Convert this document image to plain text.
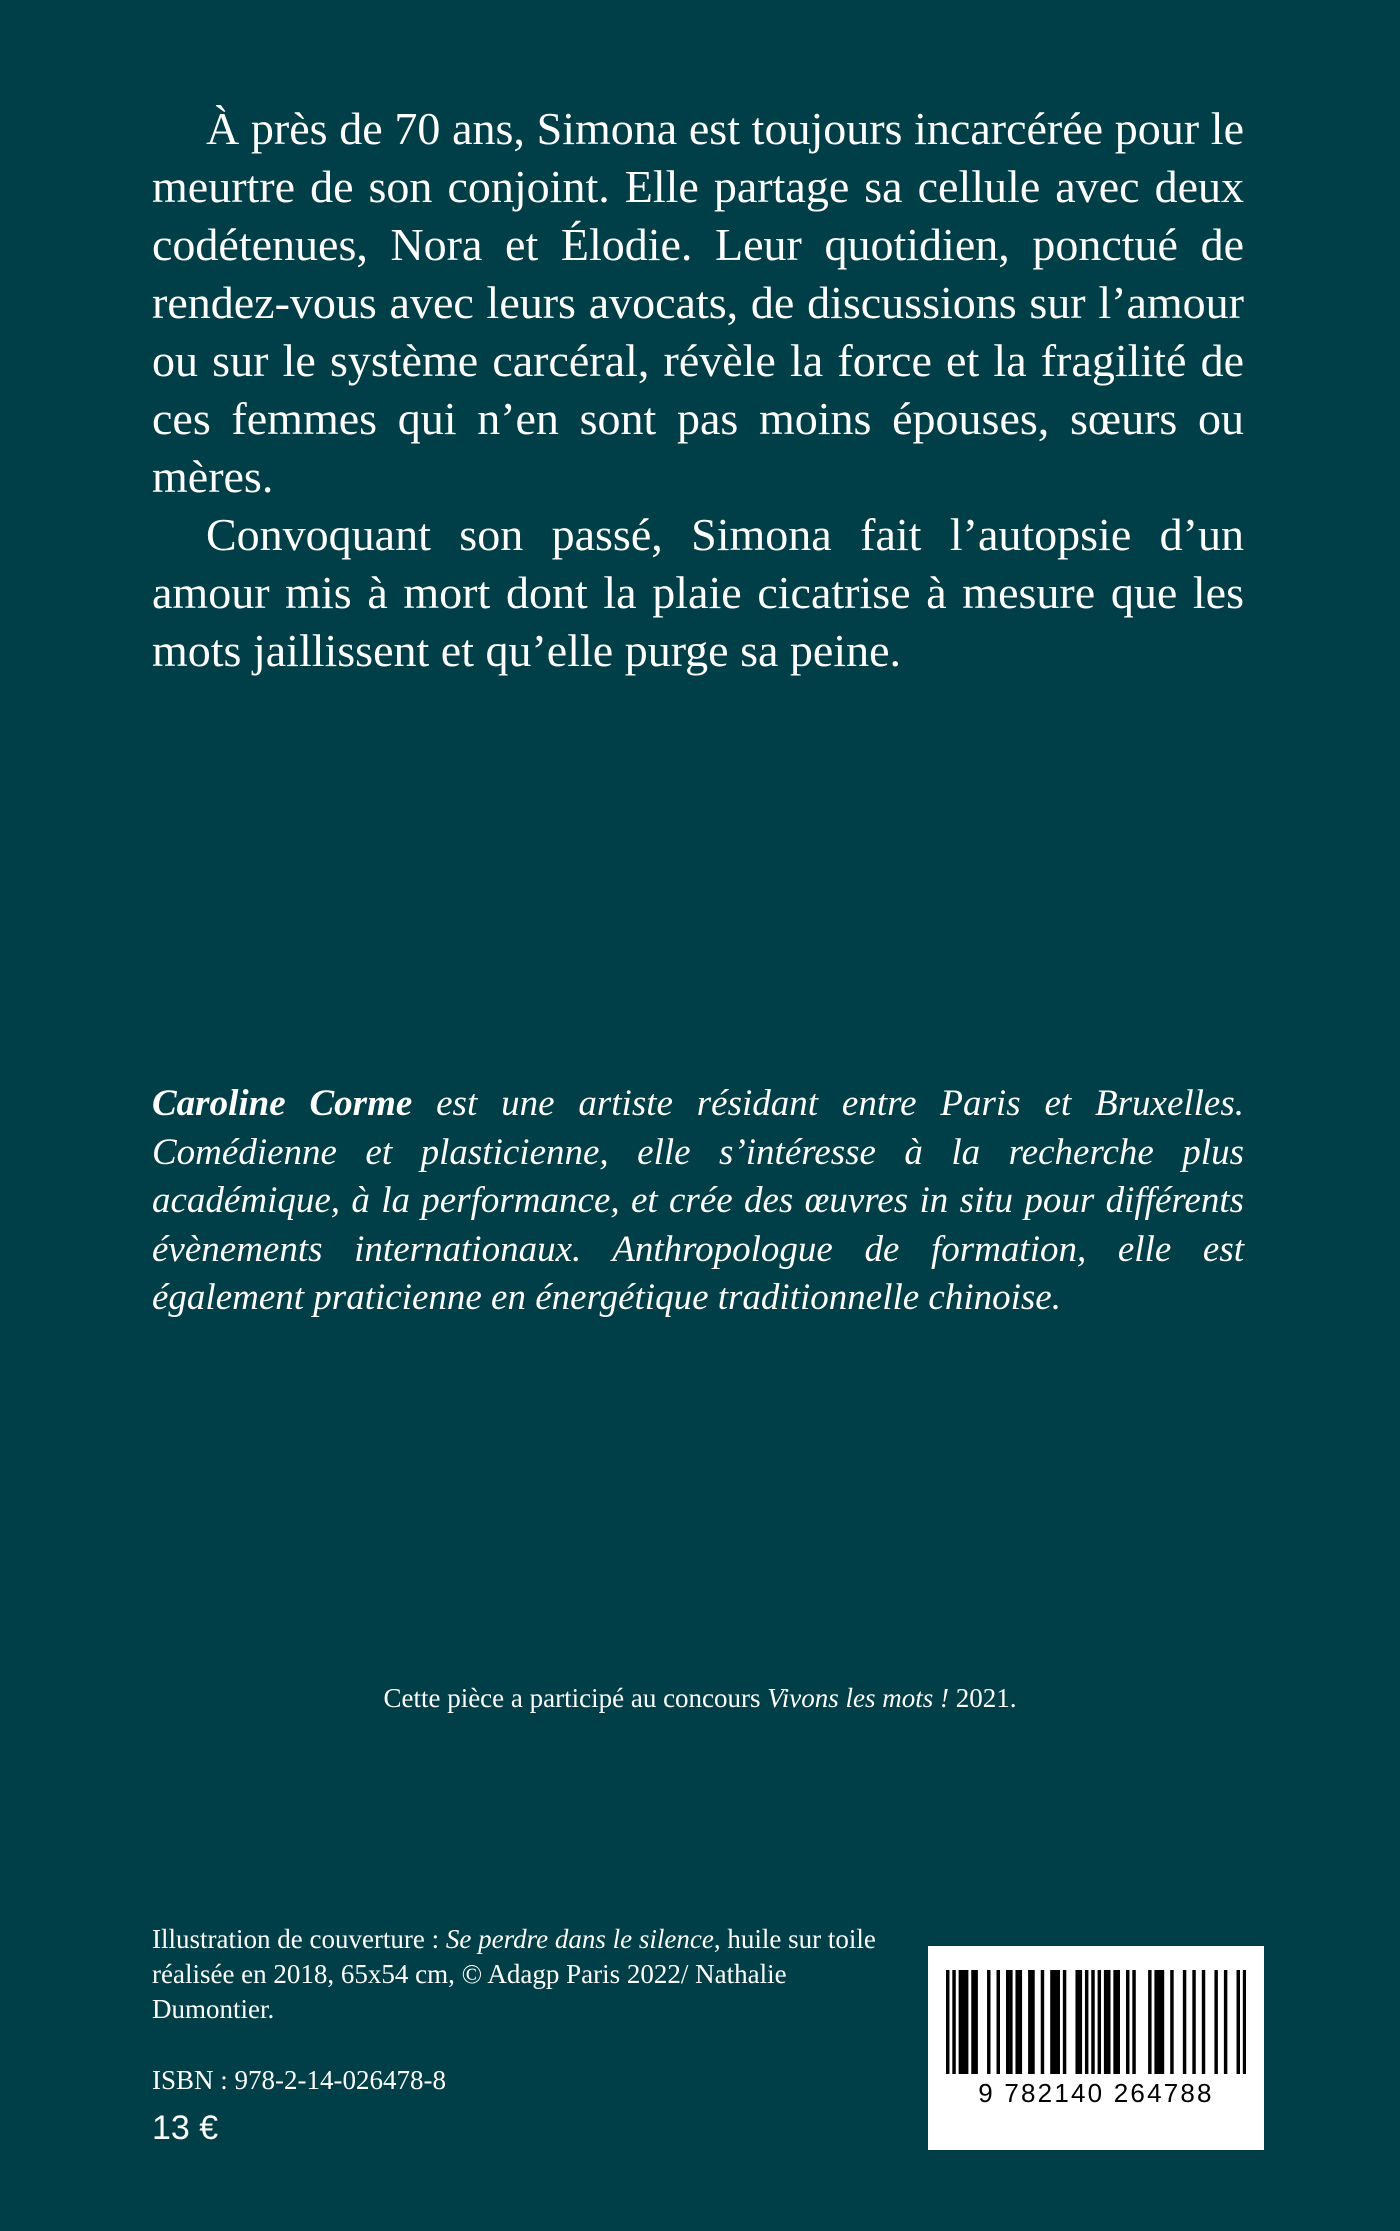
À près de 70 ans, Simona est toujours incarcérée pour le meurtre de son conjoint. Elle partage sa cellule avec deux codétenues, Nora et Élodie. Leur quotidien, ponctué de rendez-vous avec leurs avocats, de discussions sur l’amour ou sur le système carcéral, révèle la force et la fragilité de ces femmes qui n’en sont pas moins épouses, sœurs ou mères.

Convoquant son passé, Simona fait l’autopsie d’un amour mis à mort dont la plaie cicatrise à mesure que les mots jaillissent et qu’elle purge sa peine.

Caroline Corme est une artiste résidant entre Paris et Bruxelles. Comédienne et plasticienne, elle s’intéresse à la recherche plus académique, à la performance, et crée des œuvres in situ pour différents évènements internationaux. Anthropologue de formation, elle est également praticienne en énergétique traditionnelle chinoise.

Cette pièce a participé au concours Vivons les mots ! 2021.

Illustration de couverture : Se perdre dans le silence, huile sur toile réalisée en 2018, 65x54 cm, © Adagp Paris 2022/ Nathalie Dumontier.

ISBN : 978-2-14-026478-8

13 €

9 782140 264788
